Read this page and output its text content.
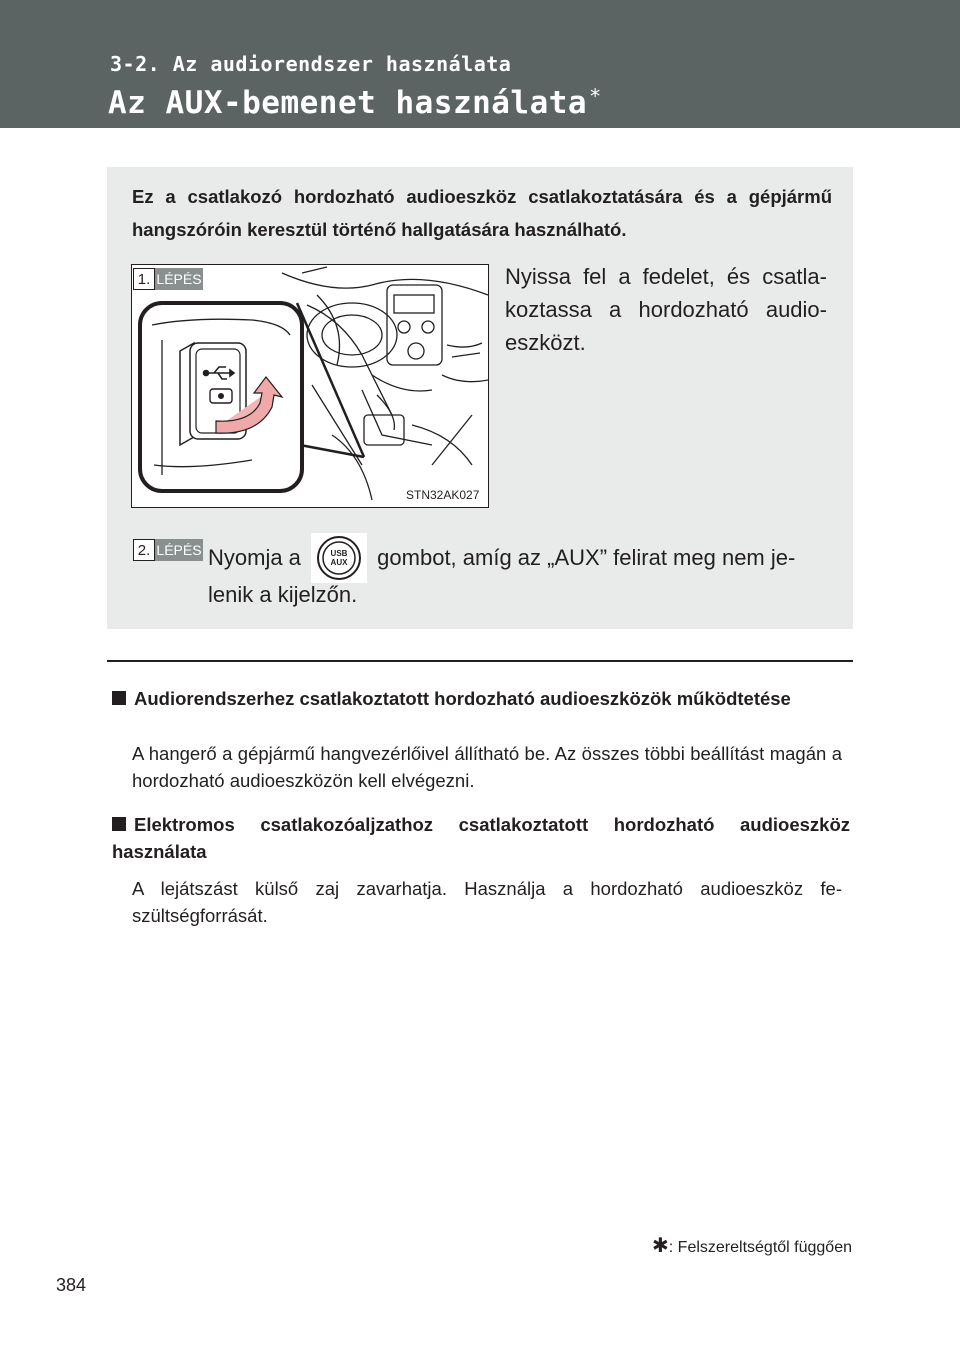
3-2. Az audiorendszer használata
Az AUX-bemenet használata ∗
Ez a csatlakozó hordozható audioeszköz csatlakoztatására és a gépjármű hangszóróin keresztül történő hallgatására használható.
STN32AK027
1. LÉPÉS	Nyissa fel a fedelet, és csatlakoztassa a hordozható audioeszközt.
2. LÉPÉS Nyomja a	USB
AUX gombot, amíg az „AUX” felirat meg nem jelenik a kijelzőn.
Audiorendszerhez csatlakoztatott hordozható audioeszközök működtetése
A hangerő a gépjármű hangvezérlőivel állítható be. Az összes többi beállítást magán a hordozható audioeszközön kell elvégezni.
Elektromos csatlakozóaljzathoz csatlakoztatott hordozható audioeszköz használata
A lejátszást külső zaj zavarhatja. Használja a hordozható audioeszköz feszültségforrását.
✱: Felszereltségtől függően
384
